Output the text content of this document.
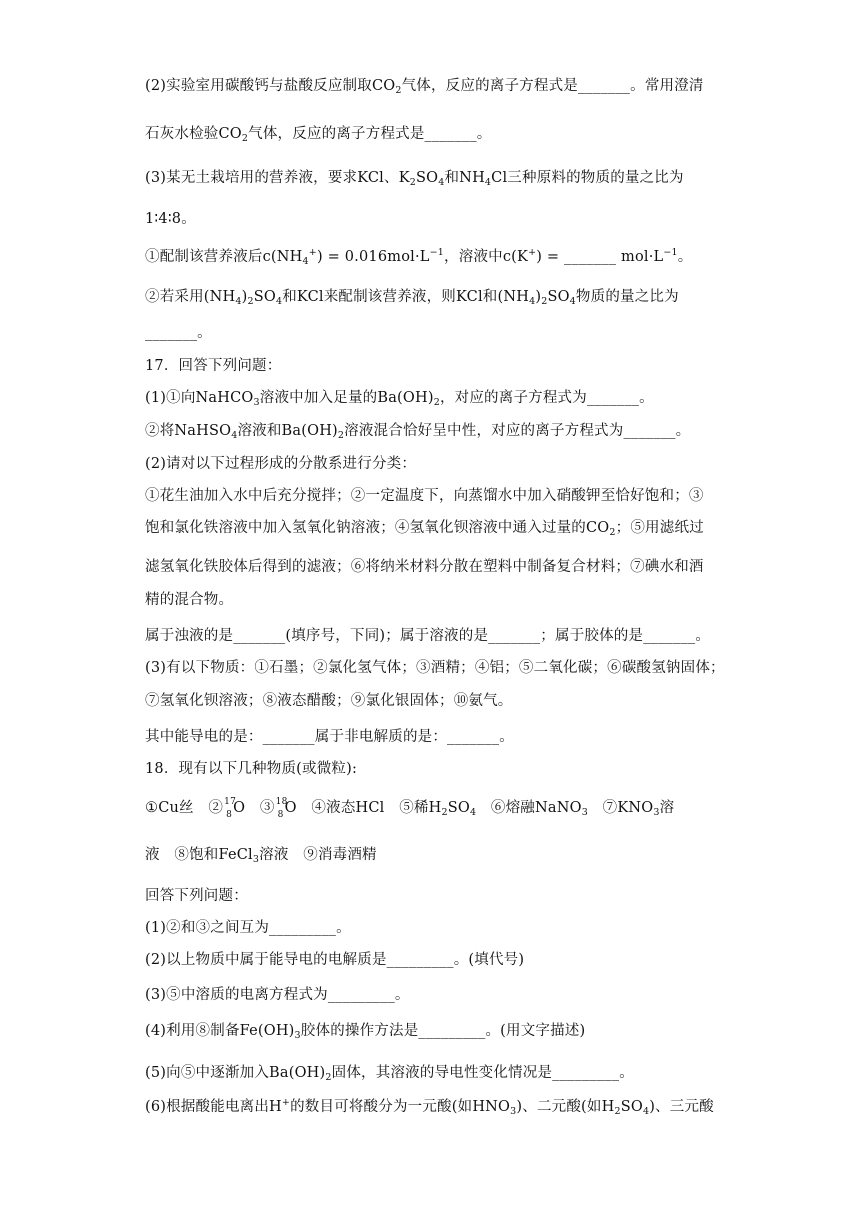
(2)实验室用碳酸钙与盐酸反应制取$CO_2$气体，反应的离子方程式是_______。常用澄清
石灰水检验$CO_2$气体，反应的离子方程式是_______。
(3)某无土栽培用的营养液，要求KCl、$K_2SO_4$和$NH_4Cl$三种原料的物质的量之比为
1∶4∶8。
①配制该营养液后$c(NH_4^+) = 0.016mol\cdot L^{-1}$，溶液中c(K+) = _______ $mol\cdot L^{-1}$。
②若采用$(NH_4)_2SO_4$和KCl来配制该营养液，则KCl和$(NH_4)_2SO_4$物质的量之比为
_______。
17．回答下列问题：
(1)①向NaHCO$_3$溶液中加入足量的$Ba(OH)_2$，对应的离子方程式为_______。
②将NaHSO$_4$溶液和$Ba(OH)_2$溶液混合恰好呈中性，对应的离子方程式为_______。
(2)请对以下过程形成的分散系进行分类：
①花生油加入水中后充分搅拌；②一定温度下，向蒸馏水中加入硝酸钾至恰好饱和；③
饱和氯化铁溶液中加入氢氧化钠溶液；④氢氧化钡溶液中通入过量的$CO_2$；⑤用滤纸过
滤氢氧化铁胶体后得到的滤液；⑥将纳米材料分散在塑料中制备复合材料；⑦碘水和酒
精的混合物。
属于浊液的是_______(填序号，下同)；属于溶液的是_______；属于胶体的是_______。
(3)有以下物质：①石墨；②氯化氢气体；③酒精；④铝；⑤二氧化碳；⑥碳酸氢钠固体；
⑦氢氧化钡溶液；⑧液态醋酸；⑨氯化银固体；⑩氨气。
其中能导电的是：_______属于非电解质的是：_______。
18．现有以下几种物质(或微粒):
①Cu丝　② 17
8 O　③ 18
8 O　④液态HCl　⑤稀$H_2SO_4$　⑥熔融NaNO$_3$　$⑦KNO_3$溶
液　⑧饱和FeCl$_3$溶液　⑨消毒酒精
回答下列问题：
(1)②和③之间互为_________。
(2)以上物质中属于能导电的电解质是_________。(填代号)
(3)⑤中溶质的电离方程式为_________。
(4)利用⑧制备$Fe(OH)_3$胶体的操作方法是_________。(用文字描述)
(5)向⑤中逐渐加入$Ba(OH)_2$固体，其溶液的导电性变化情况是_________。
(6)根据酸能电离出H+的数目可将酸分为一元酸(如$HNO_3$)、二元酸(如$H_2SO_4$)、三元酸
